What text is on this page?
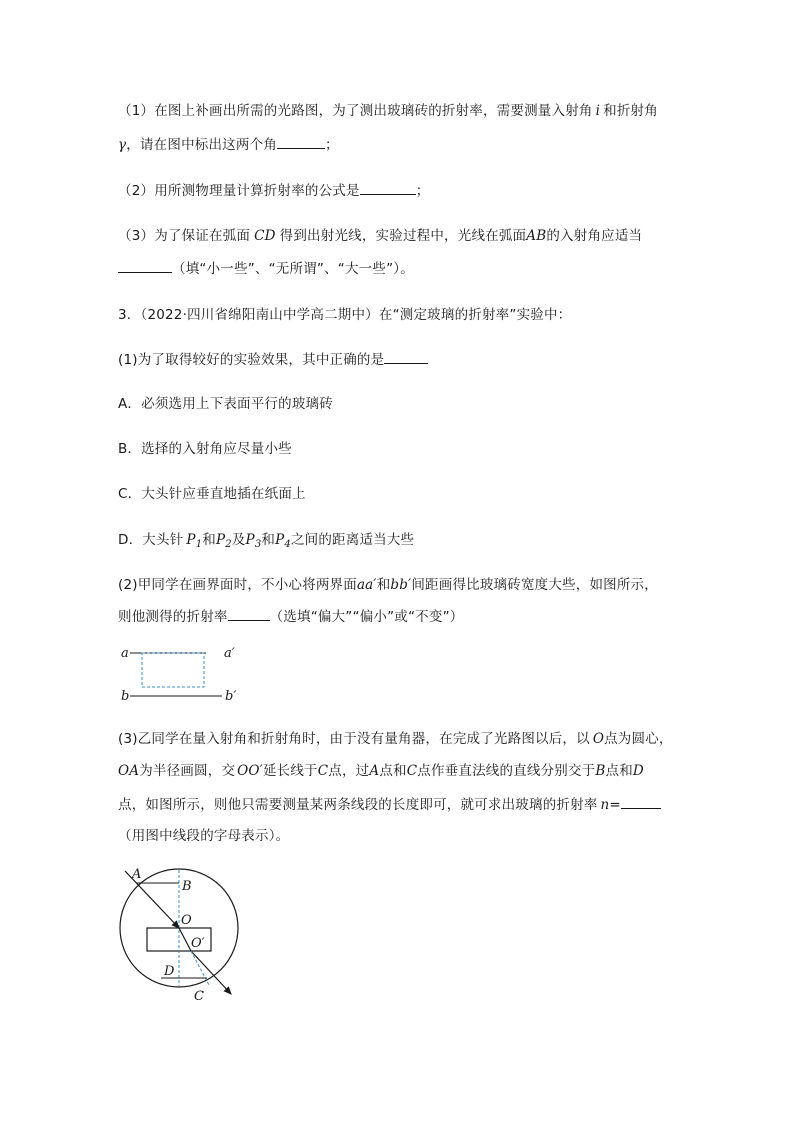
（1）在图上补画出所需的光路图，为了测出玻璃砖的折射率，需要测量入射角 i 和折射角
γ，请在图中标出这两个角	；
（2）用所测物理量计算折射率的公式是	；
（3）为了保证在弧面 CD 得到出射光线，实验过程中，光线在弧面AB的入射角应适当
（填“小一些”、“无所谓”、“大一些”）。
3．（2022·四川省绵阳南山中学高二期中）在“测定玻璃的折射率”实验中：
(1)为了取得较好的实验效果，其中正确的是
A．必须选用上下表面平行的玻璃砖
B．选择的入射角应尽量小些
C．大头针应垂直地插在纸面上
D．大头针 $P_1$和$P_2$及$P_3$和$P_4$之间的距离适当大些
(2)甲同学在画界面时，不小心将两界面aa′和bb′间距画得比玻璃砖宽度大些，如图所示，
则他测得的折射率	（选填“偏大”“偏小”或“不变”）
a	a′
b	b′
(3)乙同学在量入射角和折射角时，由于没有量角器，在完成了光路图以后，以 O点为圆心，
OA为半径画圆，交 OO′延长线于C点，过A点和C点作垂直法线的直线分别交于B点和D
点，如图所示，则他只需要测量某两条线段的长度即可，就可求出玻璃的折射率 n=
（用图中线段的字母表示）。
A
B
O
O′
D
C
